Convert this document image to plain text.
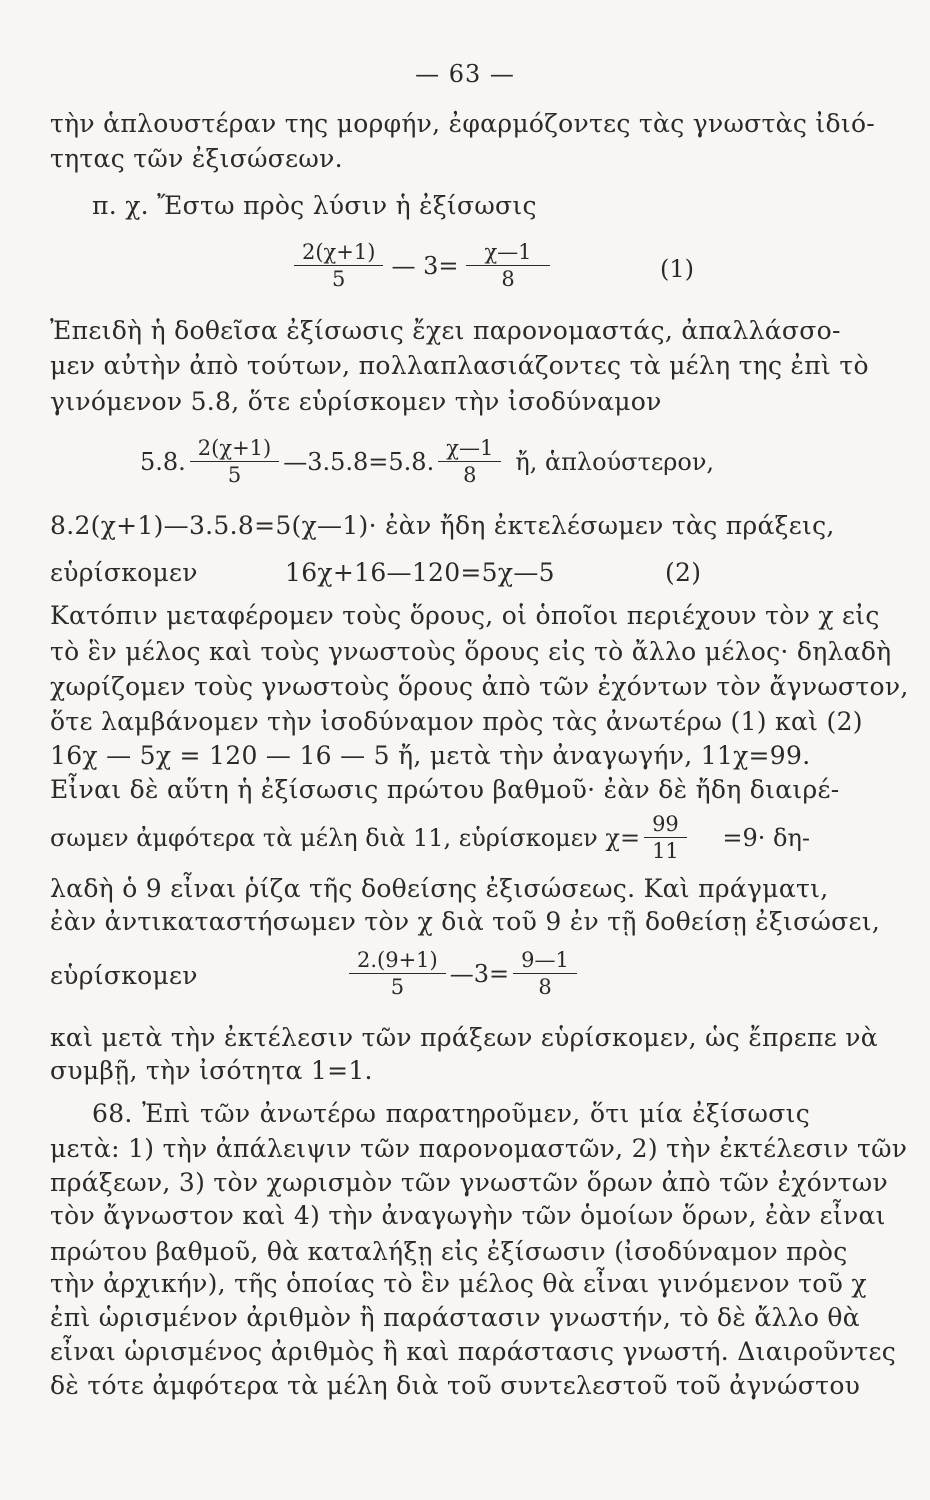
— 63 —
τὴν ἁπλουστέραν της μορφήν, ἐφαρμόζοντες τὰς γνωστὰς ἰδιό-
τητας τῶν ἐξισώσεων.
π. χ. Ἔστω πρὸς λύσιν ἡ ἐξίσωσις
$\frac{2(\chi+1)}{5}$ — $3= \frac{\chi—1}{8}$	(1)
Ἐπειδὴ ἡ δοθεῖσα ἐξίσωσις ἔχει παρονομαστάς, ἀπαλλάσσο-
μεν αὐτὴν ἀπὸ τούτων, πολλαπλασιάζοντες τὰ μέλη της ἐπὶ τὸ
γινόμενον 5.8, ὅτε εὑρίσκομεν τὴν ἰσοδύναμον
5.8. $\frac{2(\chi+1)}{5}$ —3.5.8=5.8. $\frac{\chi—1}{8}$ ἤ, ἁπλούστερον,
8.2(χ+1)—3.5.8=5(χ—1)· ἐὰν ἤδη ἐκτελέσωμεν τὰς πράξεις,
εὑρίσκομεν	16χ+16—120=5χ—5	(2)
Κατόπιν μεταφέρομεν τοὺς ὅρους, οἱ ὁποῖοι περιέχουν τὸν χ εἰς
τὸ ἓν μέλος καὶ τοὺς γνωστοὺς ὅρους εἰς τὸ ἄλλο μέλος· δηλαδὴ
χωρίζομεν τοὺς γνωστοὺς ὅρους ἀπὸ τῶν ἐχόντων τὸν ἄγνωστον,
ὅτε λαμβάνομεν τὴν ἰσοδύναμον πρὸς τὰς ἀνωτέρω (1) καὶ (2)
16χ — 5χ = 120 — 16 — 5 ἤ, μετὰ τὴν ἀναγωγήν, 11χ=99.
Εἶναι δὲ αὕτη ἡ ἐξίσωσις πρώτου βαθμοῦ· ἐὰν δὲ ἤδη διαιρέ-
σωμεν ἀμφότερα τὰ μέλη διὰ 11, εὑρίσκομεν $\chi= \frac{99}{11} =9\cdot \delta\eta-$
λαδὴ ὁ 9 εἶναι ῥίζα τῆς δοθείσης ἐξισώσεως. Καὶ πράγματι,
ἐὰν ἀντικαταστήσωμεν τὸν χ διὰ τοῦ 9 ἐν τῇ δοθείσῃ ἐξισώσει,
εὑρίσκομεν	$\frac{2.(9+1)}{5}$ —3= $\frac{9—1}{8}$
καὶ μετὰ τὴν ἐκτέλεσιν τῶν πράξεων εὑρίσκομεν, ὡς ἔπρεπε νὰ
συμβῇ, τὴν ἰσότητα 1=1.
68. Ἐπὶ τῶν ἀνωτέρω παρατηροῦμεν, ὅτι μία ἐξίσωσις
μετὰ: 1) τὴν ἀπάλειψιν τῶν παρονομαστῶν, 2) τὴν ἐκτέλεσιν τῶν
πράξεων, 3) τὸν χωρισμὸν τῶν γνωστῶν ὅρων ἀπὸ τῶν ἐχόντων
τὸν ἄγνωστον καὶ 4) τὴν ἀναγωγὴν τῶν ὁμοίων ὅρων, ἐὰν εἶναι
πρώτου βαθμοῦ, θὰ καταλήξῃ εἰς ἐξίσωσιν (ἰσοδύναμον πρὸς
τὴν ἀρχικήν), τῆς ὁποίας τὸ ἓν μέλος θὰ εἶναι γινόμενον τοῦ χ
ἐπὶ ὡρισμένον ἀριθμὸν ἢ παράστασιν γνωστήν, τὸ δὲ ἄλλο θὰ
εἶναι ὡρισμένος ἀριθμὸς ἢ καὶ παράστασις γνωστή. Διαιροῦντες
δὲ τότε ἀμφότερα τὰ μέλη διὰ τοῦ συντελεστοῦ τοῦ ἀγνώστου
